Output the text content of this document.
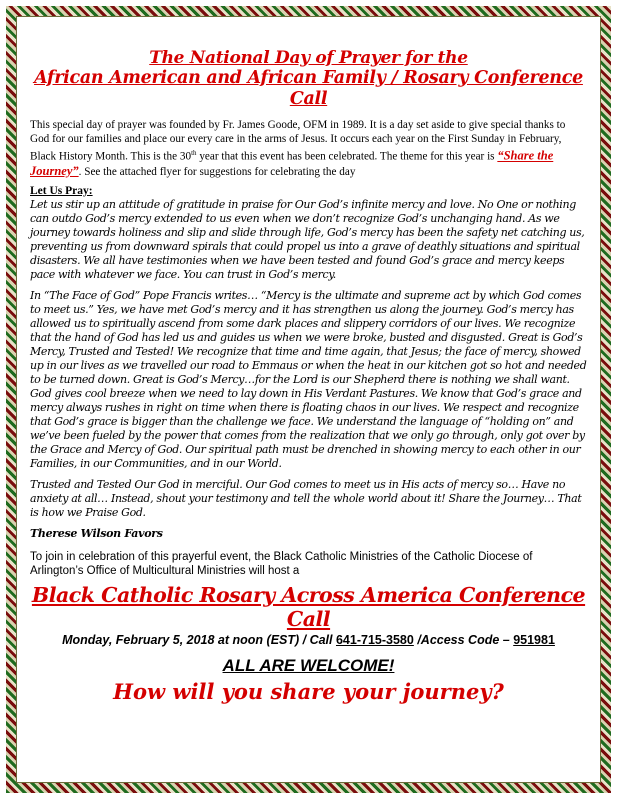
The National Day of Prayer for the

African American and African Family / Rosary Conference Call

This special day of prayer was founded by Fr. James Goode, OFM in 1989. It is a day set aside to give special thanks to God for our families and place our every care in the arms of Jesus. It occurs each year on the First Sunday in February, Black History Month. This is the 30th year that this event has been celebrated. The theme for this year is “Share the Journey”. See the attached flyer for suggestions for celebrating the day

Let Us Pray:

Let us stir up an attitude of gratitude in praise for Our God’s infinite mercy and love. No One or nothing can outdo God’s mercy extended to us even when we don’t recognize God’s unchanging hand. As we journey towards holiness and slip and slide through life, God’s mercy has been the safety net catching us, preventing us from downward spirals that could propel us into a grave of deathly situations and spiritual disasters. We all have testimonies when we have been tested and found God’s grace and mercy keeps pace with whatever we face. You can trust in God’s mercy.

In “The Face of God” Pope Francis writes… “Mercy is the ultimate and supreme act by which God comes to meet us.” Yes, we have met God’s mercy and it has strengthen us along the journey. God’s mercy has allowed us to spiritually ascend from some dark places and slippery corridors of our lives. We recognize that the hand of God has led us and guides us when we were broke, busted and disgusted. Great is God’s Mercy, Trusted and Tested! We recognize that time and time again, that Jesus; the face of mercy, showed up in our lives as we travelled our road to Emmaus or when the heat in our kitchen got so hot and needed to be turned down. Great is God’s Mercy…for the Lord is our Shepherd there is nothing we shall want. God gives cool breeze when we need to lay down in His Verdant Pastures. We know that God’s grace and mercy always rushes in right on time when there is floating chaos in our lives. We respect and recognize that God’s grace is bigger than the challenge we face. We understand the language of “holding on” and we’ve been fueled by the power that comes from the realization that we only go through, only got over by the Grace and Mercy of God. Our spiritual path must be drenched in showing mercy to each other in our Families, in our Communities, and in our World.

Trusted and Tested Our God in merciful. Our God comes to meet us in His acts of mercy so… Have no anxiety at all… Instead, shout your testimony and tell the whole world about it! Share the Journey… That is how we Praise God.

Therese Wilson Favors

To join in celebration of this prayerful event, the Black Catholic Ministries of the Catholic Diocese of Arlington’s Office of Multicultural Ministries will host a

Black Catholic Rosary Across America Conference Call

Monday, February 5, 2018 at noon (EST) / Call 641-715-3580 /Access Code – 951981

ALL ARE WELCOME!

How will you share your journey?
